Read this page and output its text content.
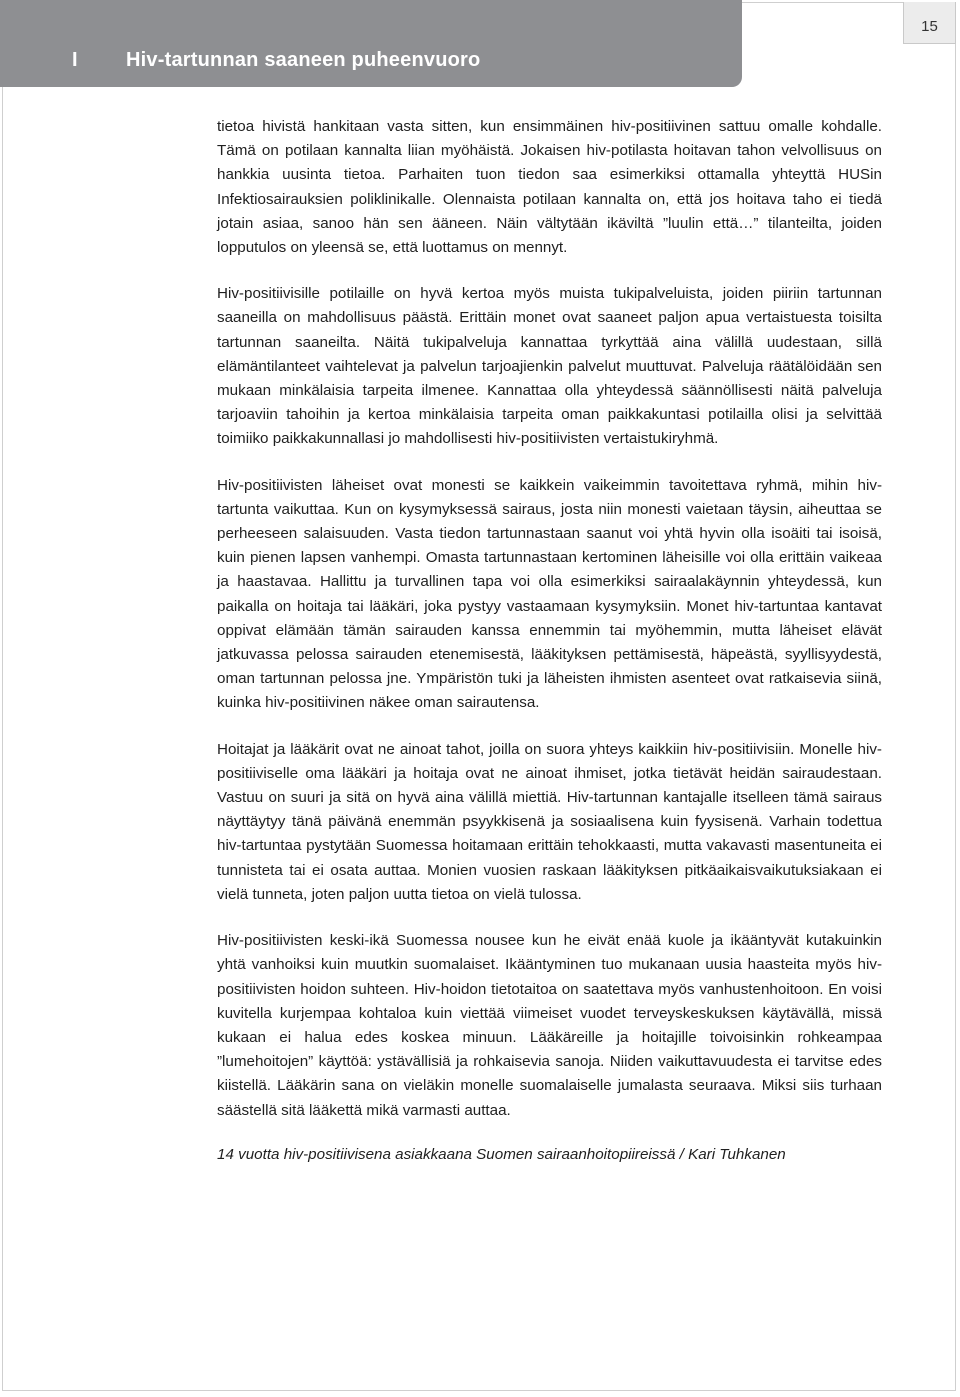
I Hiv-tartunnan saaneen puheenvuoro
15

tietoa hivistä hankitaan vasta sitten, kun ensimmäinen hiv-positiivinen sattuu omalle kohdalle. Tämä on potilaan kannalta liian myöhäistä. Jokaisen hiv-potilasta hoitavan tahon velvollisuus on hankkia uusinta tietoa. Parhaiten tuon tiedon saa esimerkiksi ottamalla yhteyttä HUSin Infektiosairauksien poliklinikalle. Olennaista potilaan kannalta on, että jos hoitava taho ei tiedä jotain asiaa, sanoo hän sen ääneen. Näin vältytään ikäviltä ”luulin että…” tilanteilta, joiden lopputulos on yleensä se, että luottamus on mennyt.

Hiv-positiivisille potilaille on hyvä kertoa myös muista tukipalveluista, joiden piiriin tartunnan saaneilla on mahdollisuus päästä. Erittäin monet ovat saaneet paljon apua vertaistuesta toisilta tartunnan saaneilta. Näitä tukipalveluja kannattaa tyrkyttää aina välillä uudestaan, sillä elämäntilanteet vaihtelevat ja palvelun tarjoajienkin palvelut muuttuvat. Palveluja räätälöidään sen mukaan minkälaisia tarpeita ilmenee. Kannattaa olla yhteydessä säännöllisesti näitä palveluja tarjoaviin tahoihin ja kertoa minkälaisia tarpeita oman paikkakuntasi potilailla olisi ja selvittää toimiiko paikkakunnallasi jo mahdollisesti hiv-positiivisten vertaistukiryhmä.

Hiv-positiivisten läheiset ovat monesti se kaikkein vaikeimmin tavoitettava ryhmä, mihin hiv-tartunta vaikuttaa. Kun on kysymyksessä sairaus, josta niin monesti vaietaan täysin, aiheuttaa se perheeseen salaisuuden. Vasta tiedon tartunnastaan saanut voi yhtä hyvin olla isoäiti tai isoisä, kuin pienen lapsen vanhempi. Omasta tartunnastaan kertominen läheisille voi olla erittäin vaikeaa ja haastavaa. Hallittu ja turvallinen tapa voi olla esimerkiksi sairaalakäynnin yhteydessä, kun paikalla on hoitaja tai lääkäri, joka pystyy vastaamaan kysymyksiin. Monet hiv-tartuntaa kantavat oppivat elämään tämän sairauden kanssa ennemmin tai myöhemmin, mutta läheiset elävät jatkuvassa pelossa sairauden etenemisestä, lääkityksen pettämisestä, häpeästä, syyllisyydestä, oman tartunnan pelossa jne. Ympäristön tuki ja läheisten ihmisten asenteet ovat ratkaisevia siinä, kuinka hiv-positiivinen näkee oman sairautensa.

Hoitajat ja lääkärit ovat ne ainoat tahot, joilla on suora yhteys kaikkiin hiv-positiivisiin. Monelle hiv-positiiviselle oma lääkäri ja hoitaja ovat ne ainoat ihmiset, jotka tietävät heidän sairaudestaan. Vastuu on suuri ja sitä on hyvä aina välillä miettiä. Hiv-tartunnan kantajalle itselleen tämä sairaus näyttäytyy tänä päivänä enemmän psyykkisenä ja sosiaalisena kuin fyysisenä. Varhain todettua hiv-tartuntaa pystytään Suomessa hoitamaan erittäin tehokkaasti, mutta vakavasti masentuneita ei tunnisteta tai ei osata auttaa. Monien vuosien raskaan lääkityksen pitkäaikaisvaikutuksiakaan ei vielä tunneta, joten paljon uutta tietoa on vielä tulossa.

Hiv-positiivisten keski-ikä Suomessa nousee kun he eivät enää kuole ja ikääntyvät kutakuinkin yhtä vanhoiksi kuin muutkin suomalaiset. Ikääntyminen tuo mukanaan uusia haasteita myös hiv-positiivisten hoidon suhteen. Hiv-hoidon tietotaitoa on saatettava myös vanhustenhoitoon. En voisi kuvitella kurjempaa kohtaloa kuin viettää viimeiset vuodet terveyskeskuksen käytävällä, missä kukaan ei halua edes koskea minuun. Lääkäreille ja hoitajille toivoisinkin rohkeampaa ”lumehoitojen” käyttöä: ystävällisiä ja rohkaisevia sanoja. Niiden vaikuttavuudesta ei tarvitse edes kiistellä. Lääkärin sana on vieläkin monelle suomalaiselle jumalasta seuraava. Miksi siis turhaan säästellä sitä lääkettä mikä varmasti auttaa.

14 vuotta hiv-positiivisena asiakkaana Suomen sairaanhoitopiireissä / Kari Tuhkanen
